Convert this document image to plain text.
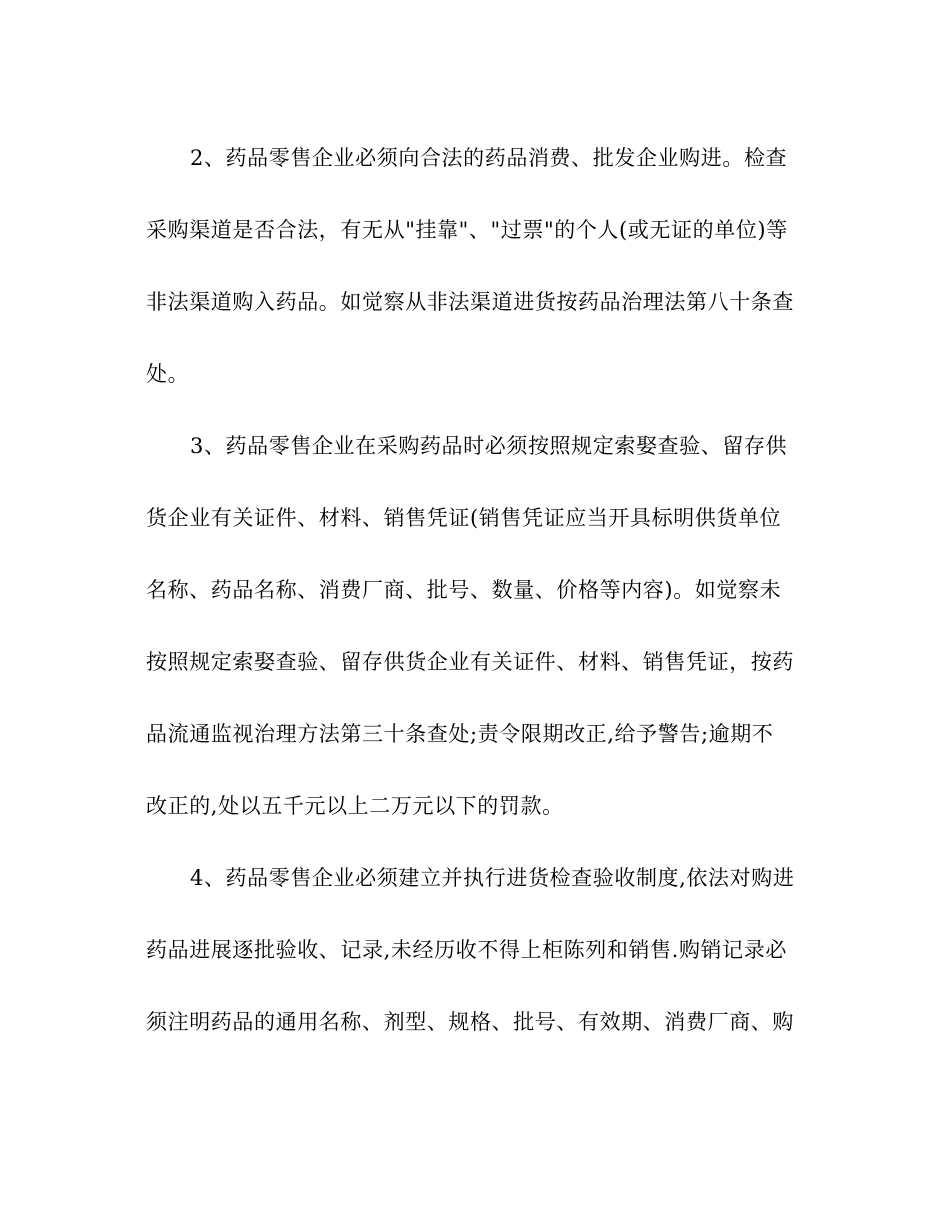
2、药品零售企业必须向合法的药品消费、批发企业购进。检查
采购渠道是否合法，有无从"挂靠"、"过票"的个人(或无证的单位)等
非法渠道购入药品。如觉察从非法渠道进货按药品治理法第八十条查
处。
3、药品零售企业在采购药品时必须按照规定索娶查验、留存供
货企业有关证件、材料、销售凭证(销售凭证应当开具标明供货单位
名称、药品名称、消费厂商、批号、数量、价格等内容)。如觉察未
按照规定索娶查验、留存供货企业有关证件、材料、销售凭证，按药
品流通监视治理方法第三十条查处;责令限期改正,给予警告;逾期不
改正的,处以五千元以上二万元以下的罚款。
4、药品零售企业必须建立并执行进货检查验收制度,依法对购进
药品进展逐批验收、记录,未经历收不得上柜陈列和销售.购销记录必
须注明药品的通用名称、剂型、规格、批号、有效期、消费厂商、购
